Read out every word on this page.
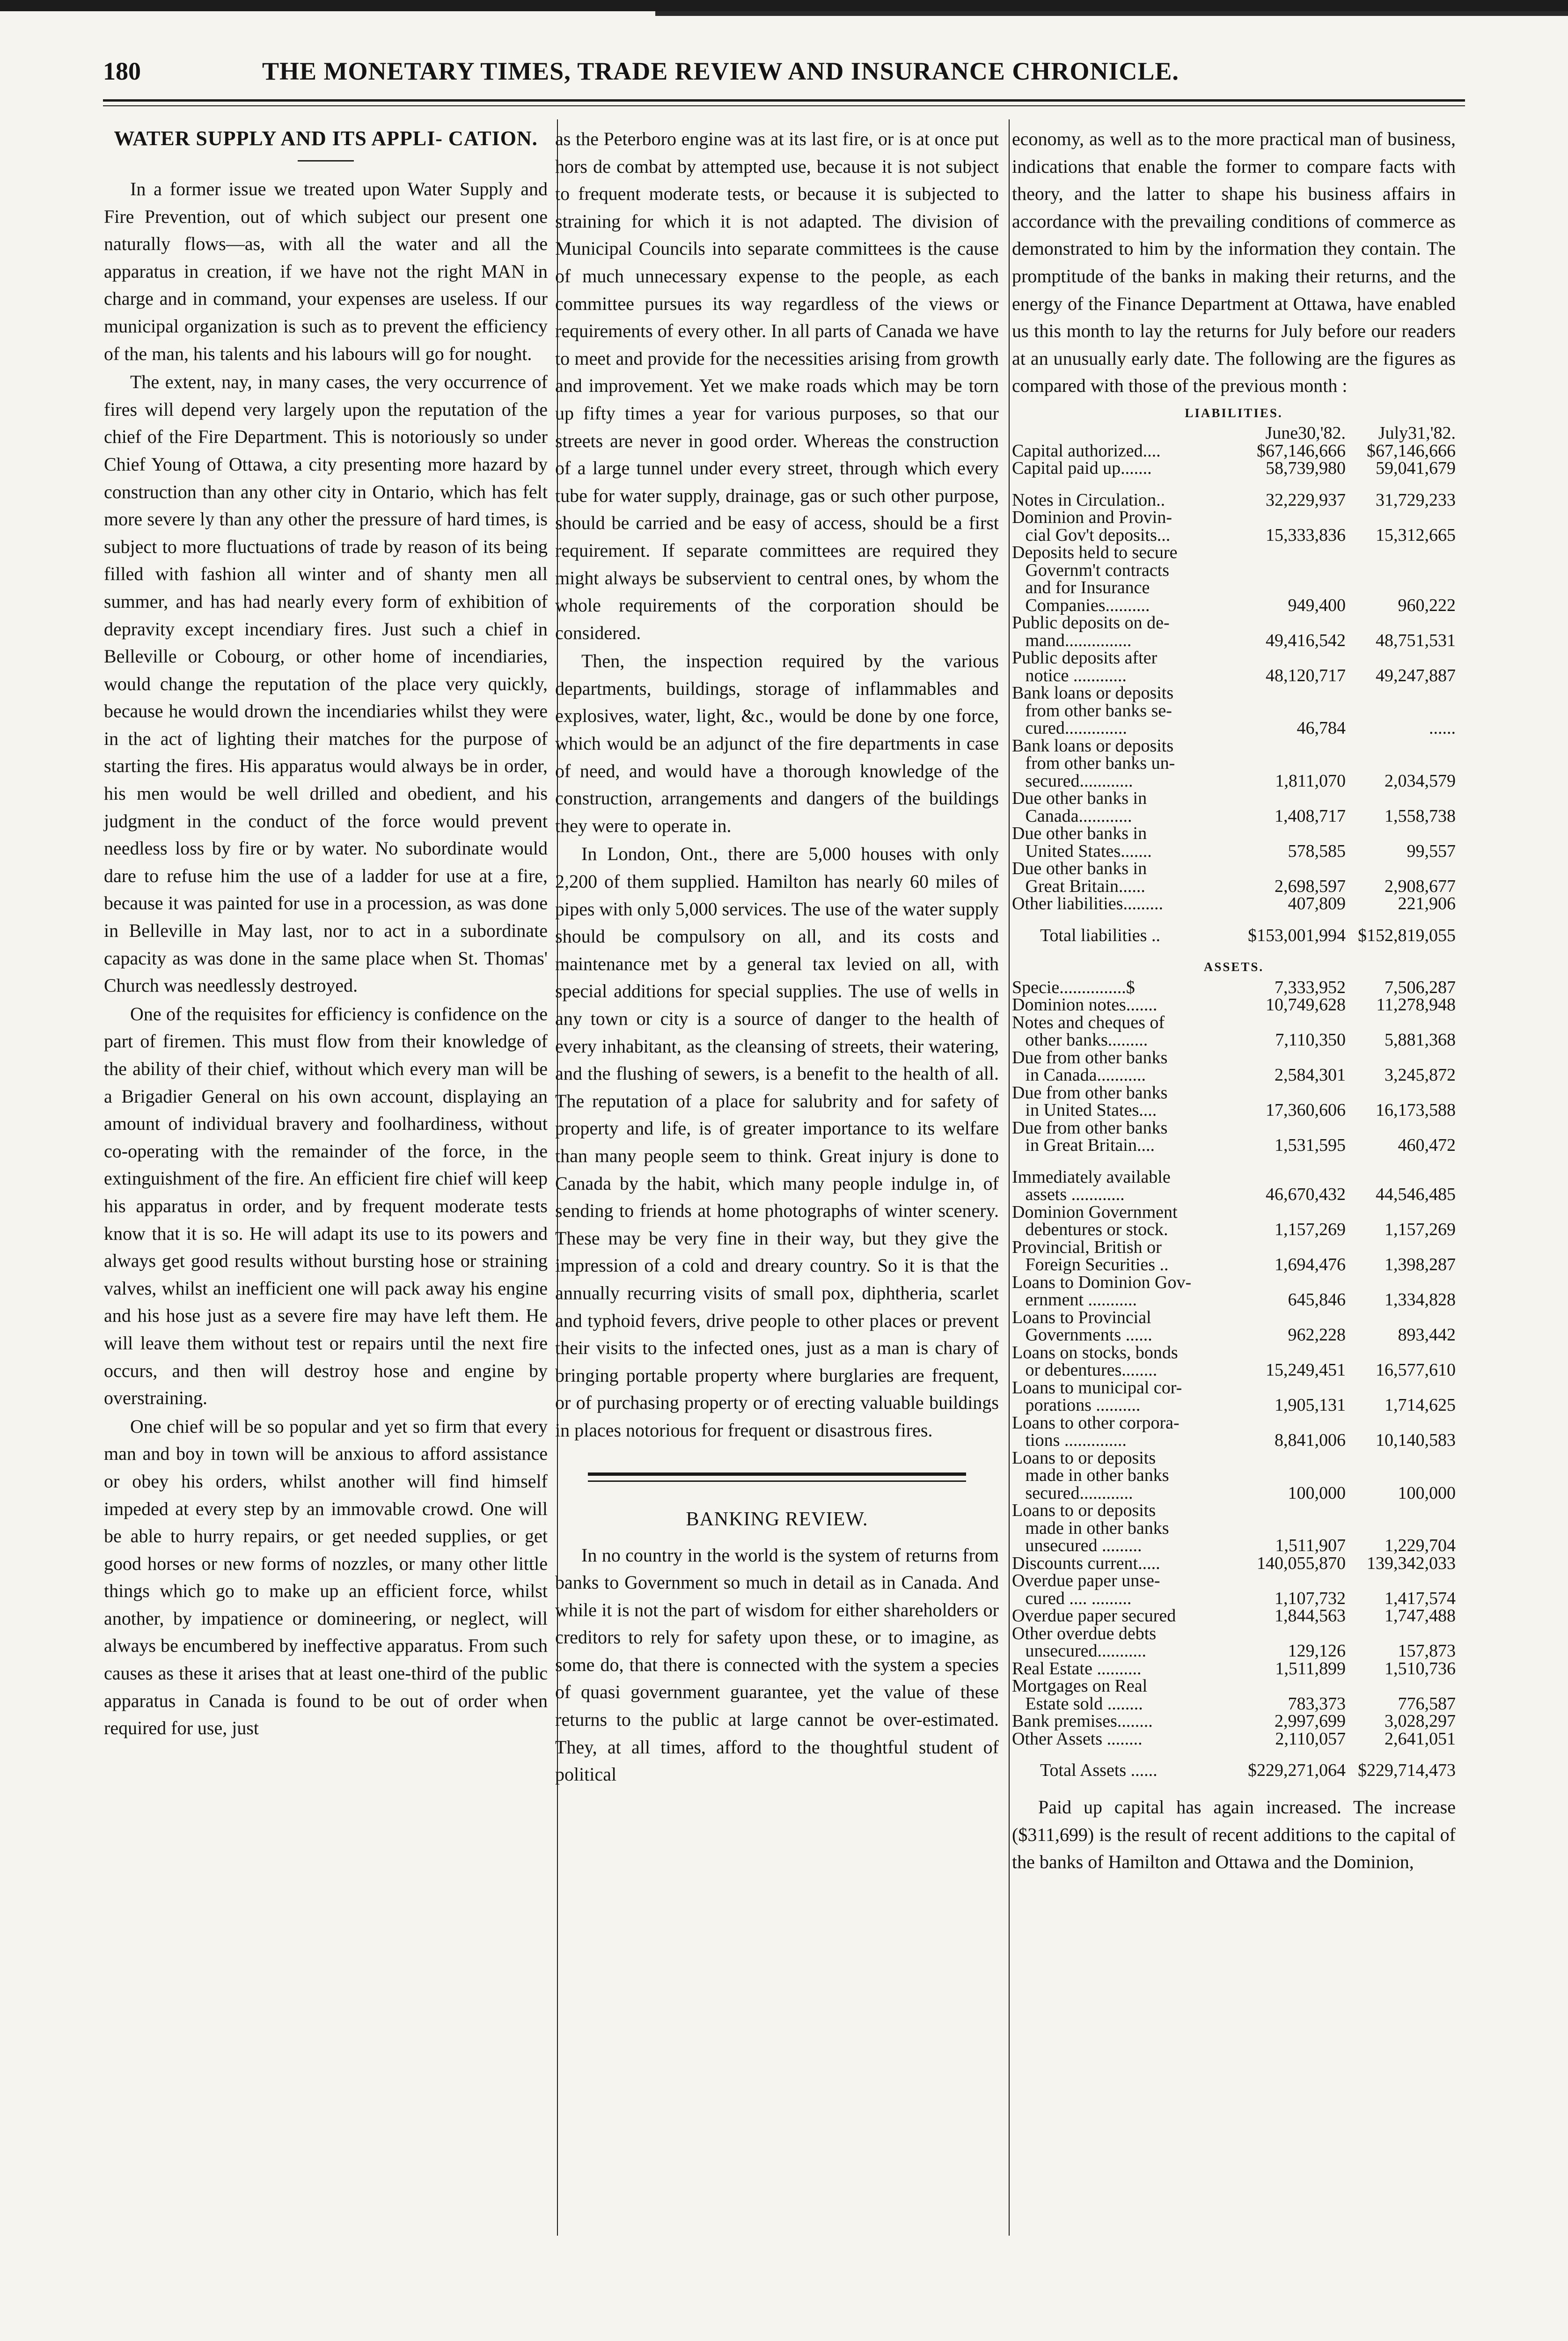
180	THE MONETARY TIMES, TRADE REVIEW AND INSURANCE CHRONICLE.

WATER SUPPLY AND ITS APPLI- CATION.

In a former issue we treated upon Water Supply and Fire Prevention, out of which subject our present one naturally flows—as, with all the water and all the apparatus in creation, if we have not the right MAN in charge and in command, your expenses are useless. If our municipal organization is such as to prevent the efficiency of the man, his talents and his labours will go for nought.

The extent, nay, in many cases, the very occurrence of fires will depend very largely upon the reputation of the chief of the Fire Department. This is notoriously so under Chief Young of Ottawa, a city presenting more hazard by construction than any other city in Ontario, which has felt more severe ly than any other the pressure of hard times, is subject to more fluctuations of trade by reason of its being filled with fashion all winter and of shanty men all summer, and has had nearly every form of exhibition of depravity except incendiary fires. Just such a chief in Belleville or Cobourg, or other home of incendiaries, would change the reputation of the place very quickly, because he would drown the incendiaries whilst they were in the act of lighting their matches for the purpose of starting the fires. His apparatus would always be in order, his men would be well drilled and obedient, and his judgment in the conduct of the force would prevent needless loss by fire or by water. No subordinate would dare to refuse him the use of a ladder for use at a fire, because it was painted for use in a procession, as was done in Belleville in May last, nor to act in a subordinate capacity as was done in the same place when St. Thomas' Church was needlessly destroyed.

One of the requisites for efficiency is confidence on the part of firemen. This must flow from their knowledge of the ability of their chief, without which every man will be a Brigadier General on his own account, displaying an amount of individual bravery and foolhardiness, without co-operating with the remainder of the force, in the extinguishment of the fire. An efficient fire chief will keep his apparatus in order, and by frequent moderate tests know that it is so. He will adapt its use to its powers and always get good results without bursting hose or straining valves, whilst an inefficient one will pack away his engine and his hose just as a severe fire may have left them. He will leave them without test or repairs until the next fire occurs, and then will destroy hose and engine by overstraining.

One chief will be so popular and yet so firm that every man and boy in town will be anxious to afford assistance or obey his orders, whilst another will find himself impeded at every step by an immovable crowd. One will be able to hurry repairs, or get needed supplies, or get good horses or new forms of nozzles, or many other little things which go to make up an efficient force, whilst another, by impatience or domineering, or neglect, will always be encumbered by ineffective apparatus. From such causes as these it arises that at least one-third of the public apparatus in Canada is found to be out of order when required for use, just

as the Peterboro engine was at its last fire, or is at once put hors de combat by attempted use, because it is not subject to frequent moderate tests, or because it is subjected to straining for which it is not adapted. The division of Municipal Councils into separate committees is the cause of much unnecessary expense to the people, as each committee pursues its way regardless of the views or requirements of every other. In all parts of Canada we have to meet and provide for the necessities arising from growth and improvement. Yet we make roads which may be torn up fifty times a year for various purposes, so that our streets are never in good order. Whereas the construction of a large tunnel under every street, through which every tube for water supply, drainage, gas or such other purpose, should be carried and be easy of access, should be a first requirement. If separate committees are required they might always be subservient to central ones, by whom the whole requirements of the corporation should be considered.

Then, the inspection required by the various departments, buildings, storage of inflammables and explosives, water, light, &c., would be done by one force, which would be an adjunct of the fire departments in case of need, and would have a thorough knowledge of the construction, arrangements and dangers of the buildings they were to operate in.

In London, Ont., there are 5,000 houses with only 2,200 of them supplied. Hamilton has nearly 60 miles of pipes with only 5,000 services. The use of the water supply should be compulsory on all, and its costs and maintenance met by a general tax levied on all, with special additions for special supplies. The use of wells in any town or city is a source of danger to the health of every inhabitant, as the cleansing of streets, their watering, and the flushing of sewers, is a benefit to the health of all. The reputation of a place for salubrity and for safety of property and life, is of greater importance to its welfare than many people seem to think. Great injury is done to Canada by the habit, which many people indulge in, of sending to friends at home photographs of winter scenery. These may be very fine in their way, but they give the impression of a cold and dreary country. So it is that the annually recurring visits of small pox, diphtheria, scarlet and typhoid fevers, drive people to other places or prevent their visits to the infected ones, just as a man is chary of bringing portable property where burglaries are frequent, or of purchasing property or of erecting valuable buildings in places notorious for frequent or disastrous fires.

BANKING REVIEW.

In no country in the world is the system of returns from banks to Government so much in detail as in Canada. And while it is not the part of wisdom for either shareholders or creditors to rely for safety upon these, or to imagine, as some do, that there is connected with the system a species of quasi government guarantee, yet the value of these returns to the public at large cannot be over-estimated. They, at all times, afford to the thoughtful student of political

economy, as well as to the more practical man of business, indications that enable the former to compare facts with theory, and the latter to shape his business affairs in accordance with the prevailing conditions of commerce as demonstrated to him by the information they contain. The promptitude of the banks in making their returns, and the energy of the Finance Department at Ottawa, have enabled us this month to lay the returns for July before our readers at an unusually early date. The following are the figures as compared with those of the previous month :

LIABILITIES.

June30,'82.	July31,'82.
Capital authorized....	$67,146,666	$67,146,666
Capital paid up.......	58,739,980	59,041,679
Notes in Circulation..	32,229,937	31,729,233
Dominion and Provin-
cial Gov't deposits...	15,333,836	15,312,665
Deposits held to secure
Governm't contracts
and for Insurance
Companies..........	949,400	960,222
Public deposits on de-
mand...............	49,416,542	48,751,531
Public deposits after
notice ............	48,120,717	49,247,887
Bank loans or deposits
from other banks se-
cured..............	46,784	......
Bank loans or deposits
from other banks un-
secured............	1,811,070	2,034,579
Due other banks in
Canada............	1,408,717	1,558,738
Due other banks in
United States.......	578,585	99,557
Due other banks in
Great Britain......	2,698,597	2,908,677
Other liabilities.........	407,809	221,906
Total liabilities ..	$153,001,994 $152,819,055

ASSETS.

Specie...............$	7,333,952	7,506,287
Dominion notes.......	10,749,628	11,278,948
Notes and cheques of
other banks.........	7,110,350	5,881,368
Due from other banks
in Canada...........	2,584,301	3,245,872
Due from other banks
in United States....	17,360,606	16,173,588
Due from other banks
in Great Britain....	1,531,595	460,472
Immediately available
assets ............	46,670,432	44,546,485
Dominion Government
debentures or stock.	1,157,269	1,157,269
Provincial, British or
Foreign Securities ..	1,694,476	1,398,287
Loans to Dominion Gov-
ernment ...........	645,846	1,334,828
Loans to Provincial
Governments ......	962,228	893,442
Loans on stocks, bonds
or debentures........	15,249,451	16,577,610
Loans to municipal cor-
porations ..........	1,905,131	1,714,625
Loans to other corpora-
tions ..............	8,841,006	10,140,583
Loans to or deposits
made in other banks
secured............	100,000	100,000
Loans to or deposits
made in other banks
unsecured .........	1,511,907	1,229,704
Discounts current.....	140,055,870	139,342,033
Overdue paper unse-
cured .... .........	1,107,732	1,417,574
Overdue paper secured	1,844,563	1,747,488
Other overdue debts
unsecured...........	129,126	157,873
Real Estate ..........	1,511,899	1,510,736
Mortgages on Real
Estate sold ........	783,373	776,587
Bank premises........	2,997,699	3,028,297
Other Assets ........	2,110,057	2,641,051
Total Assets ......	$229,271,064 $229,714,473

Paid up capital has again increased. The increase ($311,699) is the result of recent additions to the capital of the banks of Hamilton and Ottawa and the Dominion,
